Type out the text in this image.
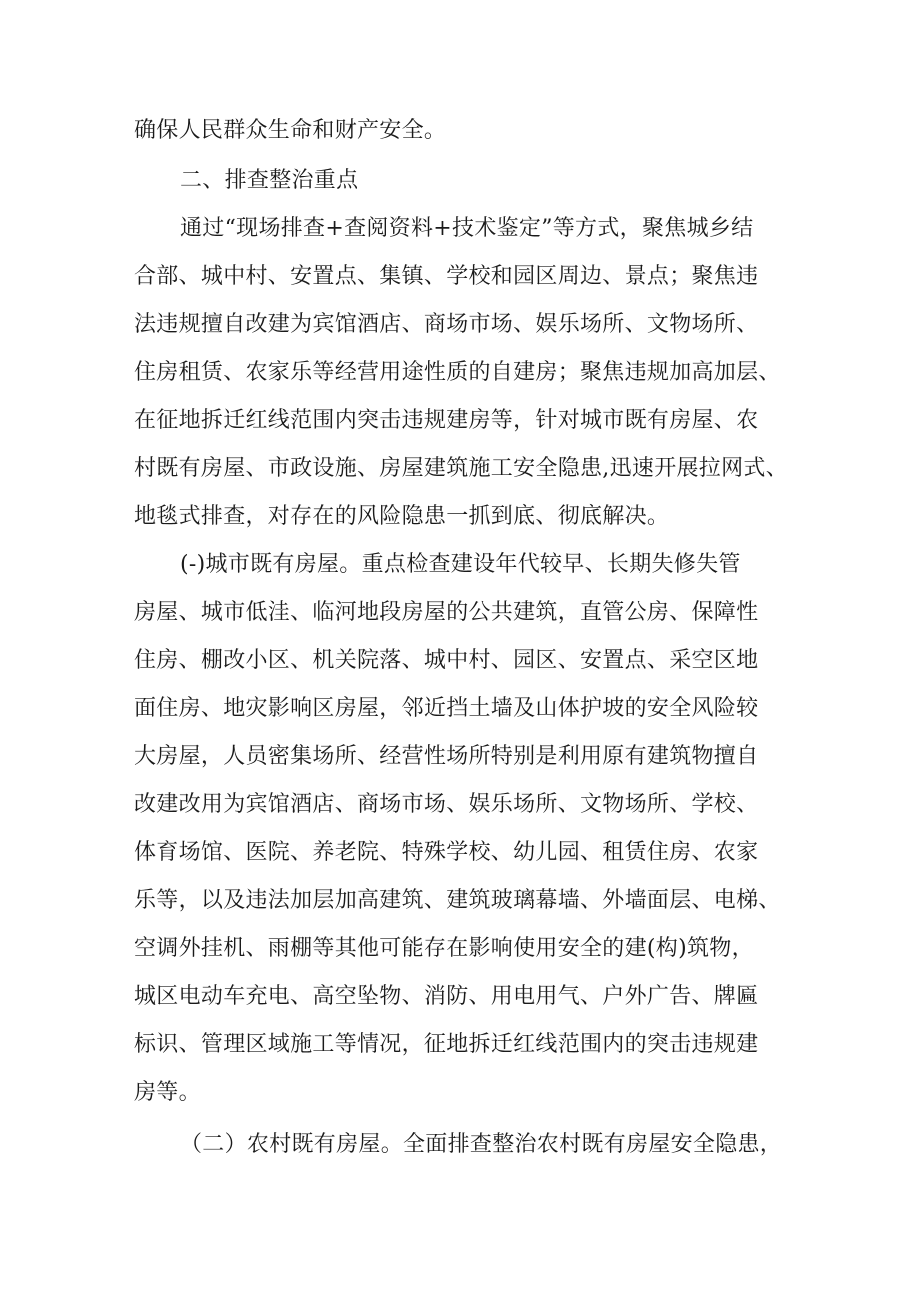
确保人民群众生命和财产安全。
二、排查整治重点
通过“现场排查+查阅资料+技术鉴定”等方式，聚焦城乡结
合部、城中村、安置点、集镇、学校和园区周边、景点；聚焦违
法违规擅自改建为宾馆酒店、商场市场、娱乐场所、文物场所、
住房租赁、农家乐等经营用途性质的自建房；聚焦违规加高加层、
在征地拆迁红线范围内突击违规建房等，针对城市既有房屋、农
村既有房屋、市政设施、房屋建筑施工安全隐患,迅速开展拉网式、
地毯式排查，对存在的风险隐患一抓到底、彻底解决。
(-)城市既有房屋。重点检查建设年代较早、长期失修失管
房屋、城市低洼、临河地段房屋的公共建筑，直管公房、保障性
住房、棚改小区、机关院落、城中村、园区、安置点、采空区地
面住房、地灾影响区房屋，邻近挡土墙及山体护坡的安全风险较
大房屋，人员密集场所、经营性场所特别是利用原有建筑物擅自
改建改用为宾馆酒店、商场市场、娱乐场所、文物场所、学校、
体育场馆、医院、养老院、特殊学校、幼儿园、租赁住房、农家
乐等，以及违法加层加高建筑、建筑玻璃幕墙、外墙面层、电梯、
空调外挂机、雨棚等其他可能存在影响使用安全的建(构)筑物，
城区电动车充电、高空坠物、消防、用电用气、户外广告、牌匾
标识、管理区域施工等情况，征地拆迁红线范围内的突击违规建
房等。
（二）农村既有房屋。全面排查整治农村既有房屋安全隐患，
